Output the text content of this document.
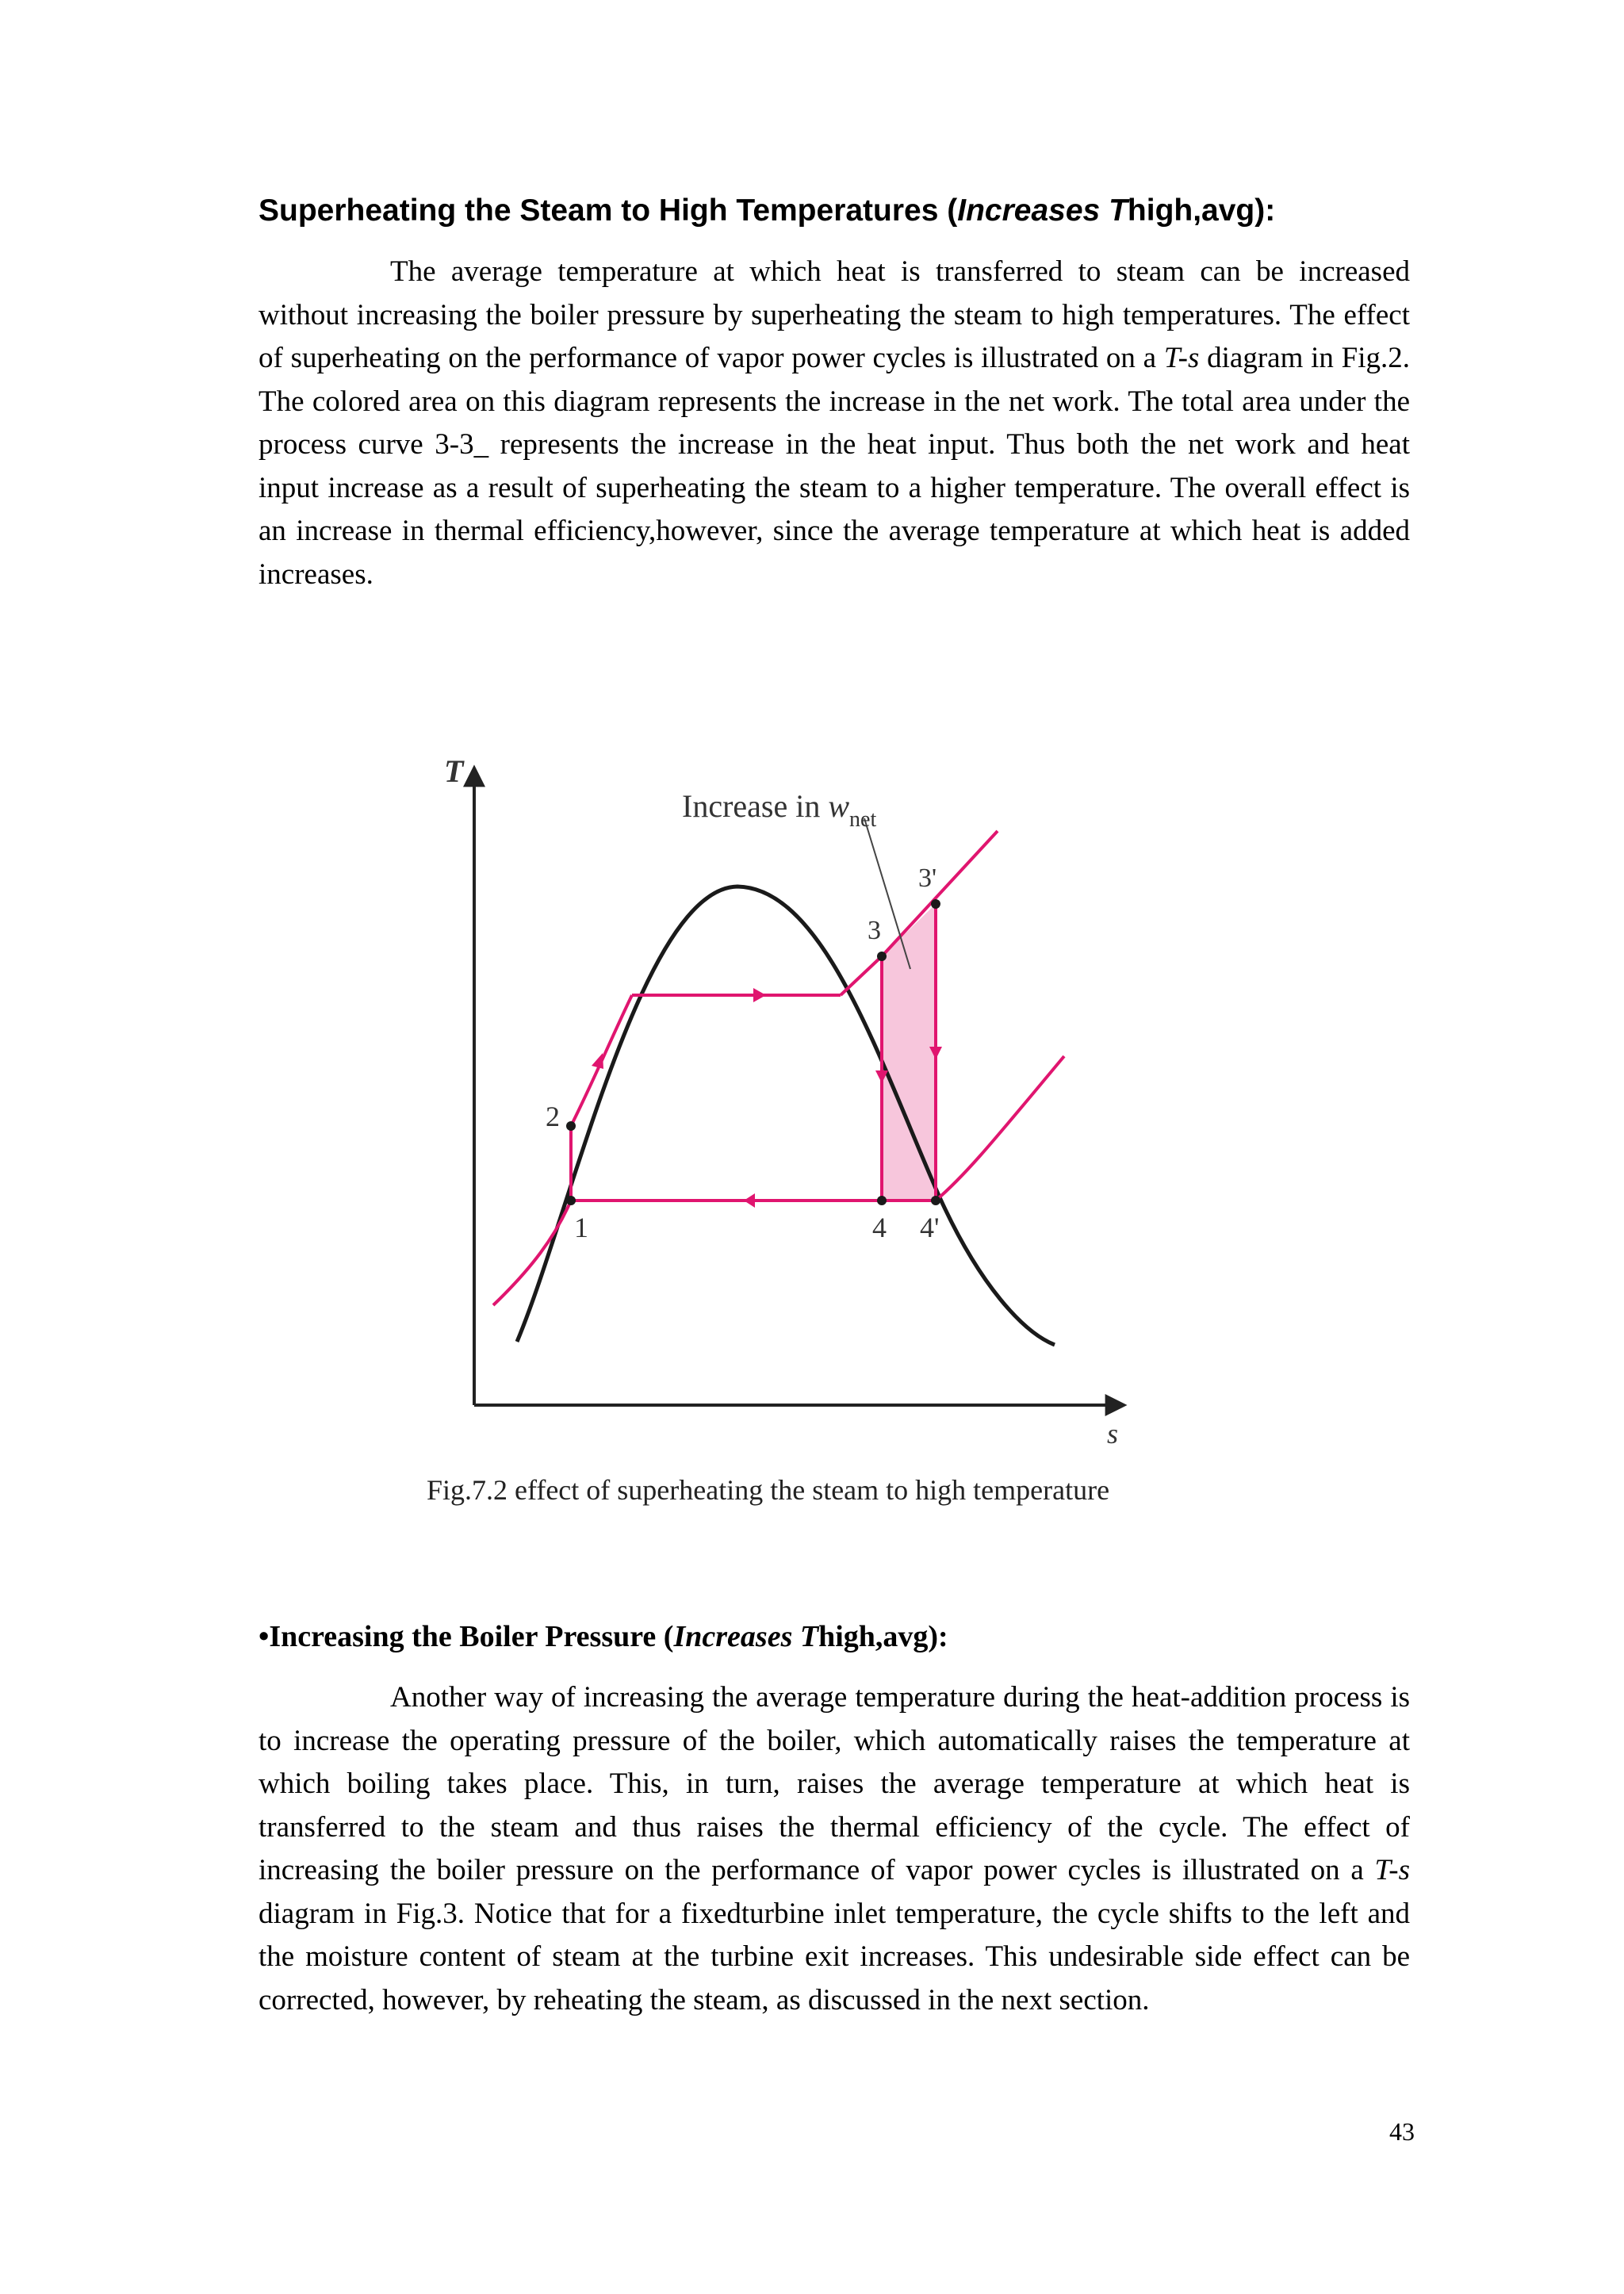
Superheating the Steam to High Temperatures (Increases Thigh,avg):
The average temperature at which heat is transferred to steam can be increased without increasing the boiler pressure by superheating the steam to high temperatures. The effect of superheating on the performance of vapor power cycles is illustrated on a T-s diagram in Fig.2. The colored area on this diagram represents the increase in the net work. The total area under the process curve 3-3_ represents the increase in the heat input. Thus both the net work and heat input increase as a result of superheating the steam to a higher temperature. The overall effect is an increase in thermal efficiency,however, since the average temperature at which heat is added increases.
T
s
Increase in $w_{net}$
1
2
3
3'
4 4'
Fig.7.2 effect of superheating the steam to high temperature
•Increasing the Boiler Pressure (Increases Thigh,avg):
Another way of increasing the average temperature during the heat-addition process is to increase the operating pressure of the boiler, which automatically raises the temperature at which boiling takes place. This, in turn, raises the average temperature at which heat is transferred to the steam and thus raises the thermal efficiency of the cycle. The effect of increasing the boiler pressure on the performance of vapor power cycles is illustrated on a T-s diagram in Fig.3. Notice that for a fixedturbine inlet temperature, the cycle shifts to the left and the moisture content of steam at the turbine exit increases. This undesirable side effect can be corrected, however, by reheating the steam, as discussed in the next section.
43
